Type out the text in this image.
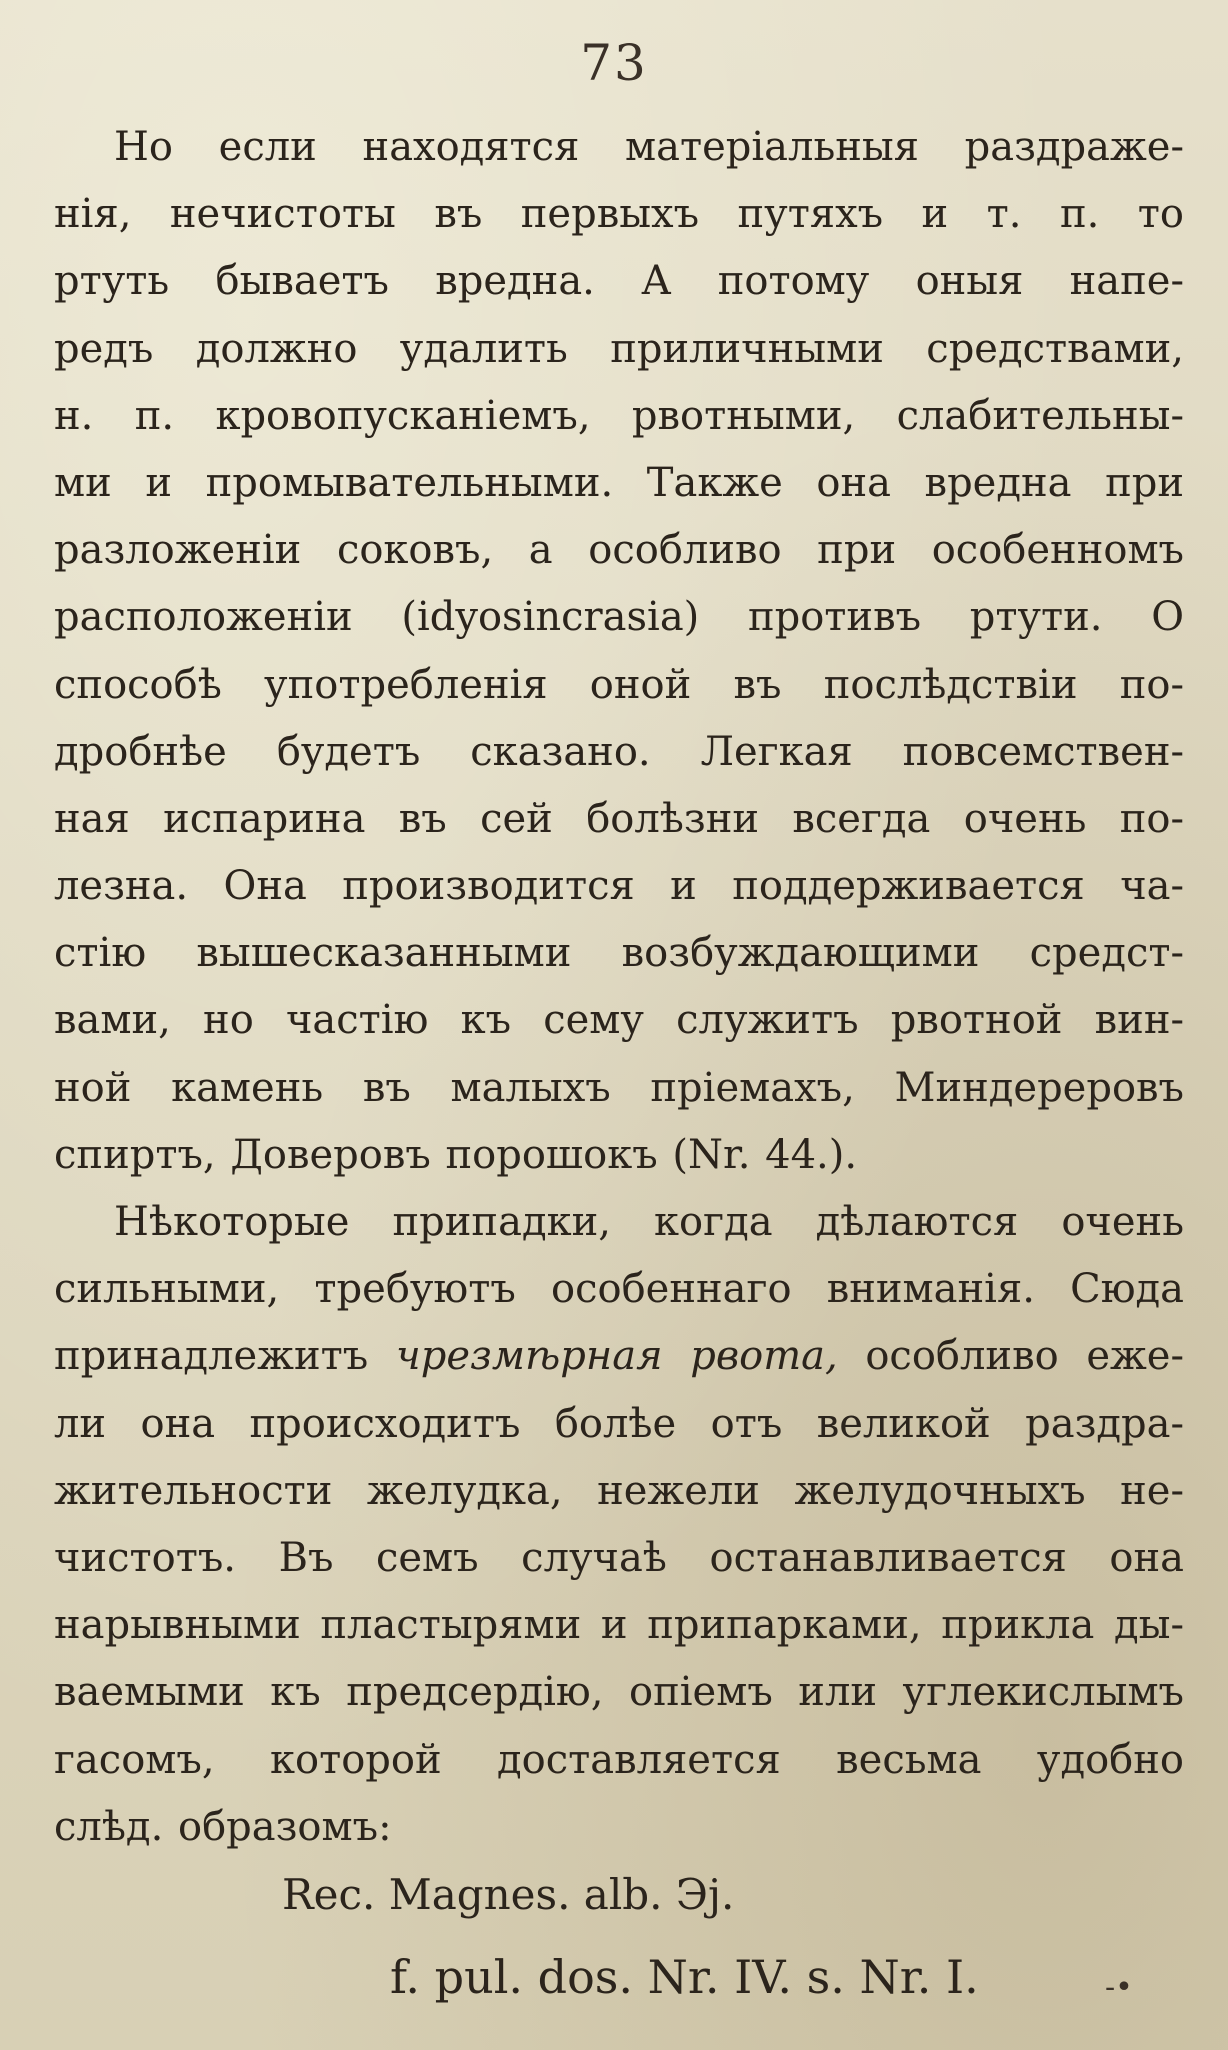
73
Но если находятся матеріальныя раздраже-
нія, нечистоты въ первыхъ путяхъ и т. п. то
ртуть бываетъ вредна. А потому оныя напе-
редъ должно удалить приличными средствами,
н. п. кровопусканіемъ, рвотными, слабительны-
ми и промывательными. Также она вредна при
разложеніи соковъ, а особливо при особенномъ
расположеніи (idyosincrasia) противъ ртути. О
способѣ употребленія оной въ послѣдствіи по-
дробнѣе будетъ сказано. Легкая повсемствен-
ная испарина въ сей болѣзни всегда очень по-
лезна. Она производится и поддерживается ча-
стію вышесказанными возбуждающими средст-
вами, но частію къ сему служитъ рвотной вин-
ной камень въ малыхъ пріемахъ, Миндереровъ
спиртъ, Доверовъ порошокъ (Nr. 44.).
Нѣкоторые припадки, когда дѣлаются очень
сильными, требуютъ особеннаго вниманія. Сюда
принадлежитъ чрезмѣрная рвота, особливо еже-
ли она происходитъ болѣе отъ великой раздра-
жительности желудка, нежели желудочныхъ не-
чистотъ. Въ семъ случаѣ останавливается она
нарывными пластырями и припарками, прикла ды-
ваемыми къ предсердію, опіемъ или углекислымъ
гасомъ, которой доставляется весьма удобно
слѣд. образомъ:
Rec. Magnes. alb. Эj.
f. pul. dos. Nr. IV. s. Nr. I.	-•
